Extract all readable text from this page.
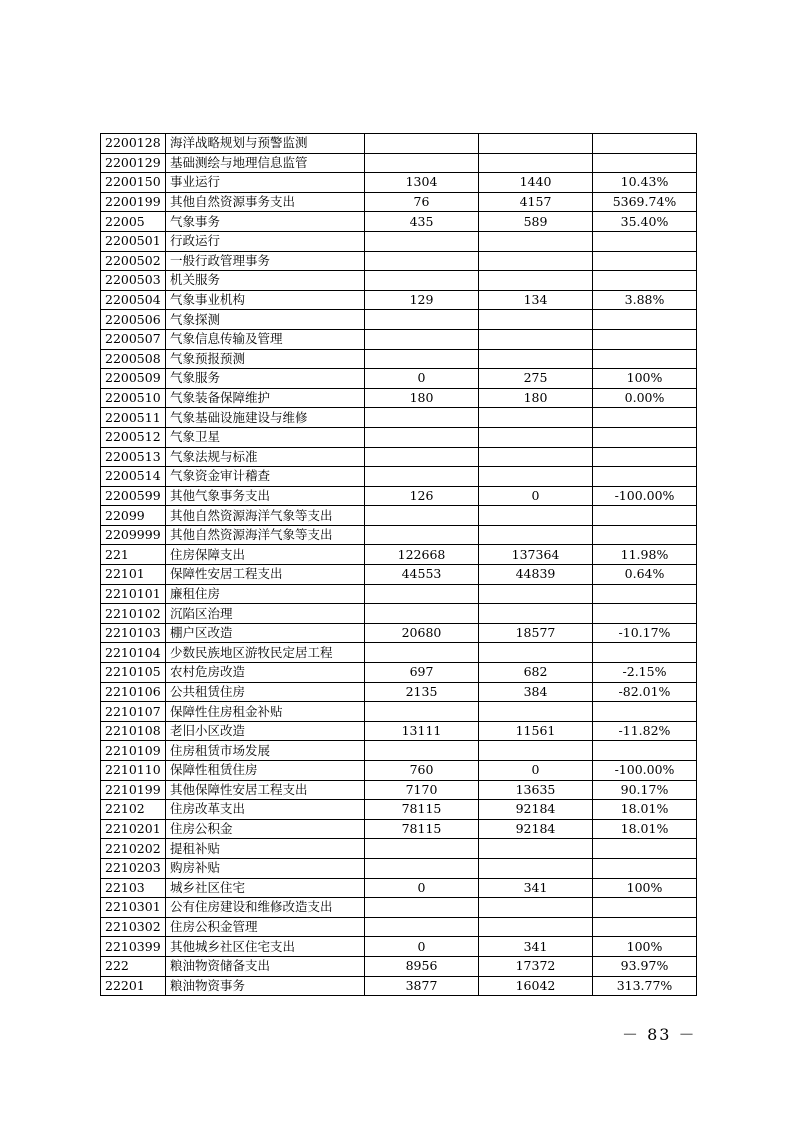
2200128	海洋战略规划与预警监测			
2200129	基础测绘与地理信息监管			
2200150	事业运行	1304	1440	10.43%
2200199	其他自然资源事务支出	76	4157	5369.74%
22005	气象事务	435	589	35.40%
2200501	行政运行			
2200502	一般行政管理事务			
2200503	机关服务			
2200504	气象事业机构	129	134	3.88%
2200506	气象探测			
2200507	气象信息传输及管理			
2200508	气象预报预测			
2200509	气象服务	0	275	100%
2200510	气象装备保障维护	180	180	0.00%
2200511	气象基础设施建设与维修			
2200512	气象卫星			
2200513	气象法规与标准			
2200514	气象资金审计稽查			
2200599	其他气象事务支出	126	0	-100.00%
22099	其他自然资源海洋气象等支出			
2209999	其他自然资源海洋气象等支出			
221	住房保障支出	122668	137364	11.98%
22101	保障性安居工程支出	44553	44839	0.64%
2210101	廉租住房			
2210102	沉陷区治理			
2210103	棚户区改造	20680	18577	-10.17%
2210104	少数民族地区游牧民定居工程			
2210105	农村危房改造	697	682	-2.15%
2210106	公共租赁住房	2135	384	-82.01%
2210107	保障性住房租金补贴			
2210108	老旧小区改造	13111	11561	-11.82%
2210109	住房租赁市场发展			
2210110	保障性租赁住房	760	0	-100.00%
2210199	其他保障性安居工程支出	7170	13635	90.17%
22102	住房改革支出	78115	92184	18.01%
2210201	住房公积金	78115	92184	18.01%
2210202	提租补贴			
2210203	购房补贴			
22103	城乡社区住宅	0	341	100%
2210301	公有住房建设和维修改造支出			
2210302	住房公积金管理			
2210399	其他城乡社区住宅支出	0	341	100%
222	粮油物资储备支出	8956	17372	93.97%
22201	粮油物资事务	3877	16042	313.77%
－ 83 －
